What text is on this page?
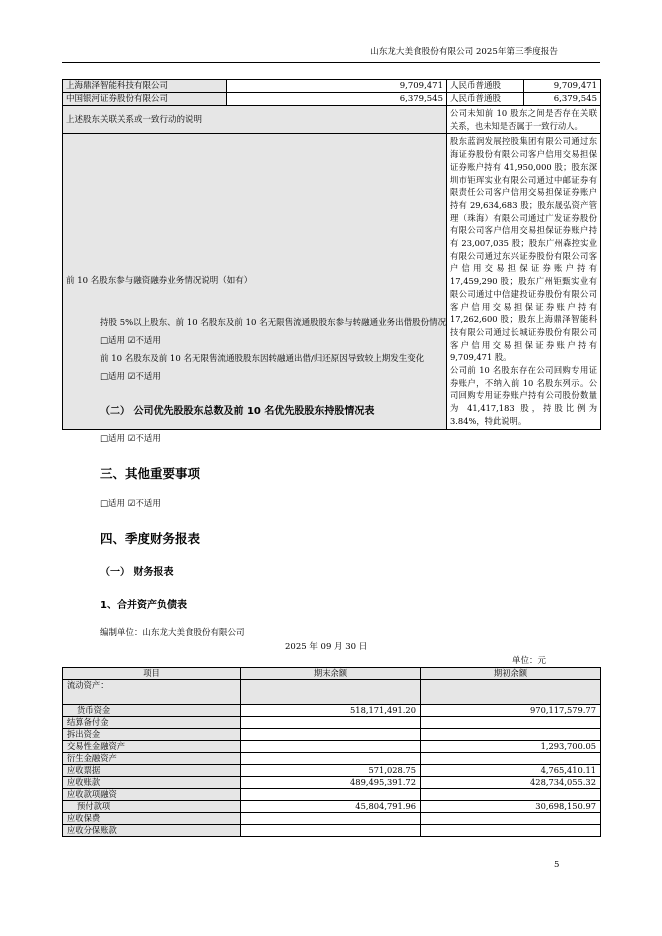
山东龙大美食股份有限公司 2025年第三季度报告
上海鼎泽智能科技有限公司	9,709,471	人民币普通股	9,709,471
中国银河证券股份有限公司	6,379,545	人民币普通股	6,379,545
上述股东关联关系或一致行动的说明		公司未知前 10 股东之间是否存在关联关系，也未知是否属于一致行动人。	
前 10 名股东参与融资融券业务情况说明（如有）		股东蓝润发展控股集团有限公司通过东海证券股份有限公司客户信用交易担保证券账户持有 41,950,000 股；股东深圳市钜珲实业有限公司通过中邮证券有限责任公司客户信用交易担保证券账户持有 29,634,683 股；股东晟弘资产管理（珠海）有限公司通过广发证券股份有限公司客户信用交易担保证券账户持有 23,007,035 股；股东广州森控实业有限公司通过东兴证券股份有限公司客户信用交易担保证券账户持有 17,459,290 股；股东广州钜甄实业有限公司通过中信建投证券股份有限公司客户信用交易担保证券账户持有 17,262,600 股；股东上海鼎泽智能科技有限公司通过长城证券股份有限公司客户信用交易担保证券账户持有 9,709,471 股。
公司前 10 名股东存在公司回购专用证券账户，不纳入前 10 名股东列示。公司回购专用证券账户持有公司股份数量为 41,417,183 股，持股比例为 3.84%，特此说明。	
持股 5%以上股东、前 10 名股东及前 10 名无限售流通股股东参与转融通业务出借股份情况
□适用 ☑不适用
前 10 名股东及前 10 名无限售流通股股东因转融通出借/归还原因导致较上期发生变化
□适用 ☑不适用
（二） 公司优先股股东总数及前 10 名优先股股东持股情况表
□适用 ☑不适用
三、其他重要事项
□适用 ☑不适用
四、季度财务报表
（一） 财务报表
1、合并资产负债表
编制单位：山东龙大美食股份有限公司
2025 年 09 月 30 日
单位：元
项目	期末余额	期初余额
流动资产：		
货币资金	518,171,491.20	970,117,579.77
结算备付金		
拆出资金		
交易性金融资产		1,293,700.05
衍生金融资产		
应收票据	571,028.75	4,765,410.11
应收账款	489,495,391.72	428,734,055.32
应收款项融资		
预付款项	45,804,791.96	30,698,150.97
应收保费		
应收分保账款		
5
